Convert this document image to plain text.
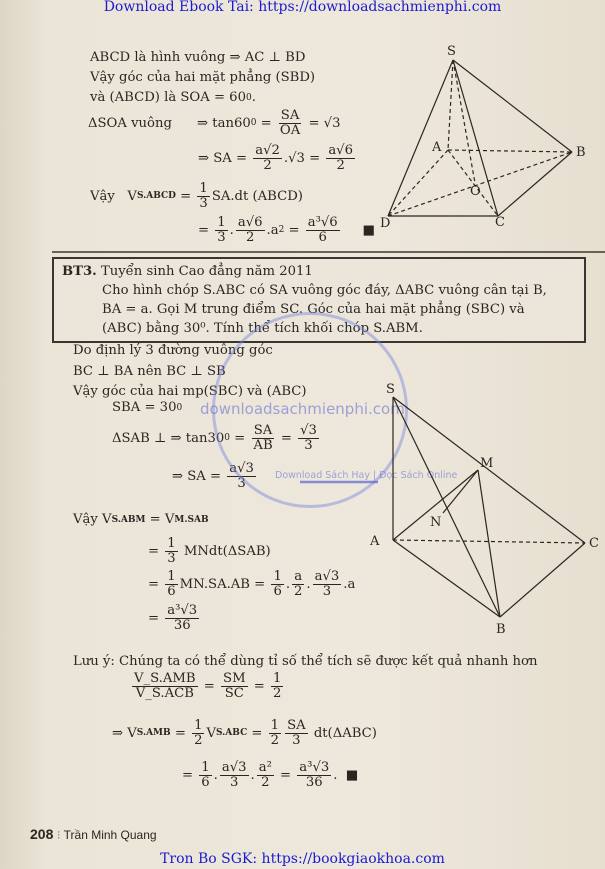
Download Ebook Tai: https://downloadsachmienphi.com
ABCD là hình vuông ⇒ AC ⊥ BD
Vậy góc của hai mặt phẳng (SBD)
và (ABCD) là SOA = 60 0 .
ΔSOA vuông      ⇒ tan60 $0 = \frac{SA}{OA} = √3$
⇒ SA = $\frac{a√2}{2} .√3 = \frac{a√6}{2}$
Vậy   V S.ABCD = $\frac{1}{3} SA.dt$ (ABCD)
= $\frac{1}{3}$ . $\frac{a√6}{2} .a$ $2 = \frac{\text{a³√6}}{6}$ ■
BT3. Tuyển sinh Cao đẳng năm 2011
Cho hình chóp S.ABC có SA vuông góc đáy, ΔABC vuông cân tại B,
BA = a. Gọi M trung điểm SC. Góc của hai mặt phẳng (SBC) và
(ABC) bằng 30⁰. Tính thể tích khối chóp S.ABM.
Do định lý 3 đường vuông góc
BC ⊥ BA nên BC ⊥ SB
Vậy góc của hai mp(SBC) và (ABC)
SBA = 30 0
ΔSAB ⊥ ⇒ tan30 $0 = \frac{SA}{AB} = \frac{√3}{3}$
⇒ SA = $\frac{a√3}{3}$
Vậy V S.ABM = V M.SAB
= $\frac{1}{3}$ MNdt(ΔSAB)
= $\frac{1}{6} MN.SA.AB = \frac{1}{6}$ . $\frac{a}{2}$ . $\frac{a√3}{3} .a$
= $\frac{\text{a³√3}}{36}$
Lưu ý: Chúng ta có thể dùng tỉ số thể tích sẽ được kết quả nhanh hơn
V_S.AMB
V_S.ACB = $\frac{SM}{SC} = \frac{1}{2}$
⇒ V $S.AMB = \frac{1}{2}$ V $S.ABC = \frac{1}{2} \frac{SA}{3} dt(\Delta ABC)$
= $\frac{1}{6}$ . $\frac{a√3}{3}$ . $\frac{\text{a²}}{2} = \frac{\text{a³√3}}{36}$ .  ■
downloadsachmienphi.com
Download Sách Hay | Đọc Sách Online
S
A	B
C
D
O
S
A
B
C
M
N
208 ⁝ Trần Minh Quang
Tron Bo SGK: https://bookgiaokhoa.com
